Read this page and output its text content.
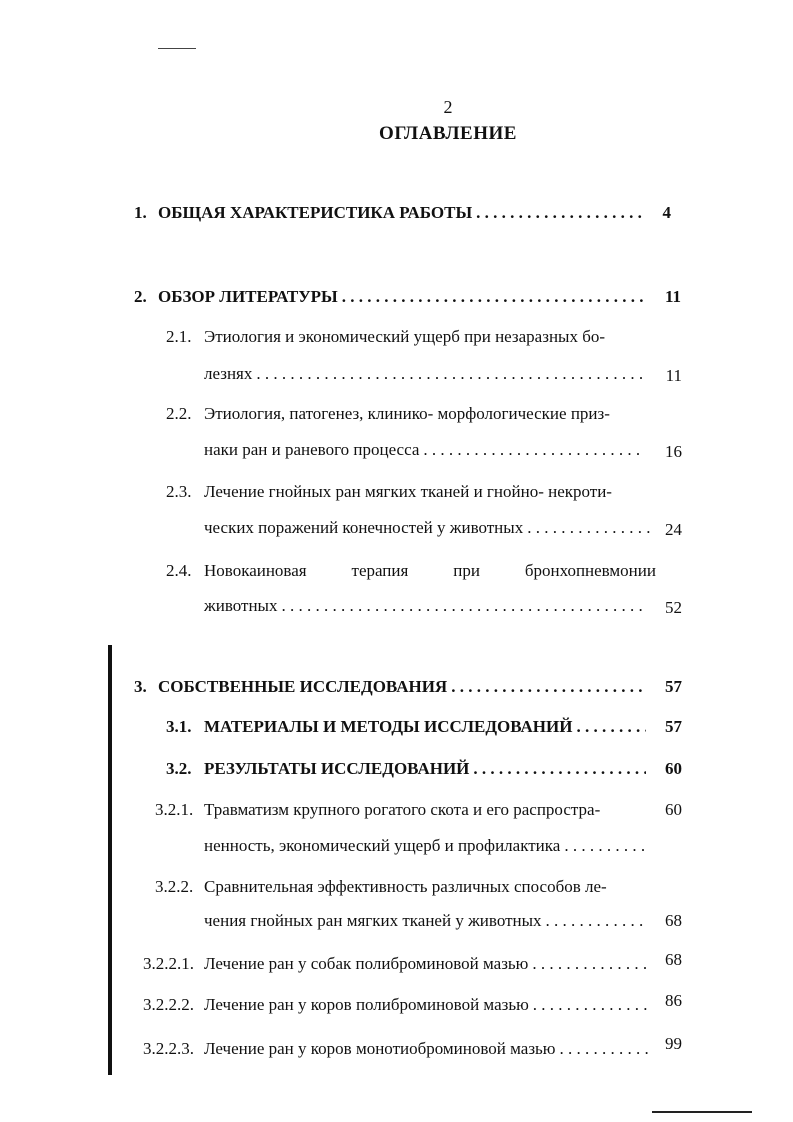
2
ОГЛАВЛЕНИЕ
1. ОБЩАЯ ХАРАКТЕРИСТИКА РАБОТЫ . . .	4
2. ОБЗОР ЛИТЕРАТУРЫ . . .	11
2.1. Этиология и экономический ущерб при незаразных бо-
лезнях . . .	11
2.2. Этиология, патогенез, клинико- морфологические приз-
наки ран и раневого процесса . . .	16
2.3. Лечение гнойных ран мягких тканей и гнойно- некроти-
ческих поражений конечностей у животных . . .	24
2.4. Новокаиновая	терапия	при	бронхопневмонии
животных . . .	52
3. СОБСТВЕННЫЕ ИССЛЕДОВАНИЯ . . .	57
3.1. МАТЕРИАЛЫ И МЕТОДЫ ИССЛЕДОВАНИЙ . . .	57
3.2. РЕЗУЛЬТАТЫ ИССЛЕДОВАНИЙ . . .	60
3.2.1. Травматизм крупного рогатого скота и его распростра-	60
ненность, экономический ущерб и профилактика
. . .
3.2.2. Сравнительная эффективность различных способов ле-
чения гнойных ран мягких тканей у животных . . .	68
3.2.2.1. Лечение ран у собак полиброминовой мазью . . .	68
3.2.2.2. Лечение ран у коров полиброминовой мазью . . .	86
3.2.2.3. Лечение ран у коров монотиоброминовой мазью . . .	99
